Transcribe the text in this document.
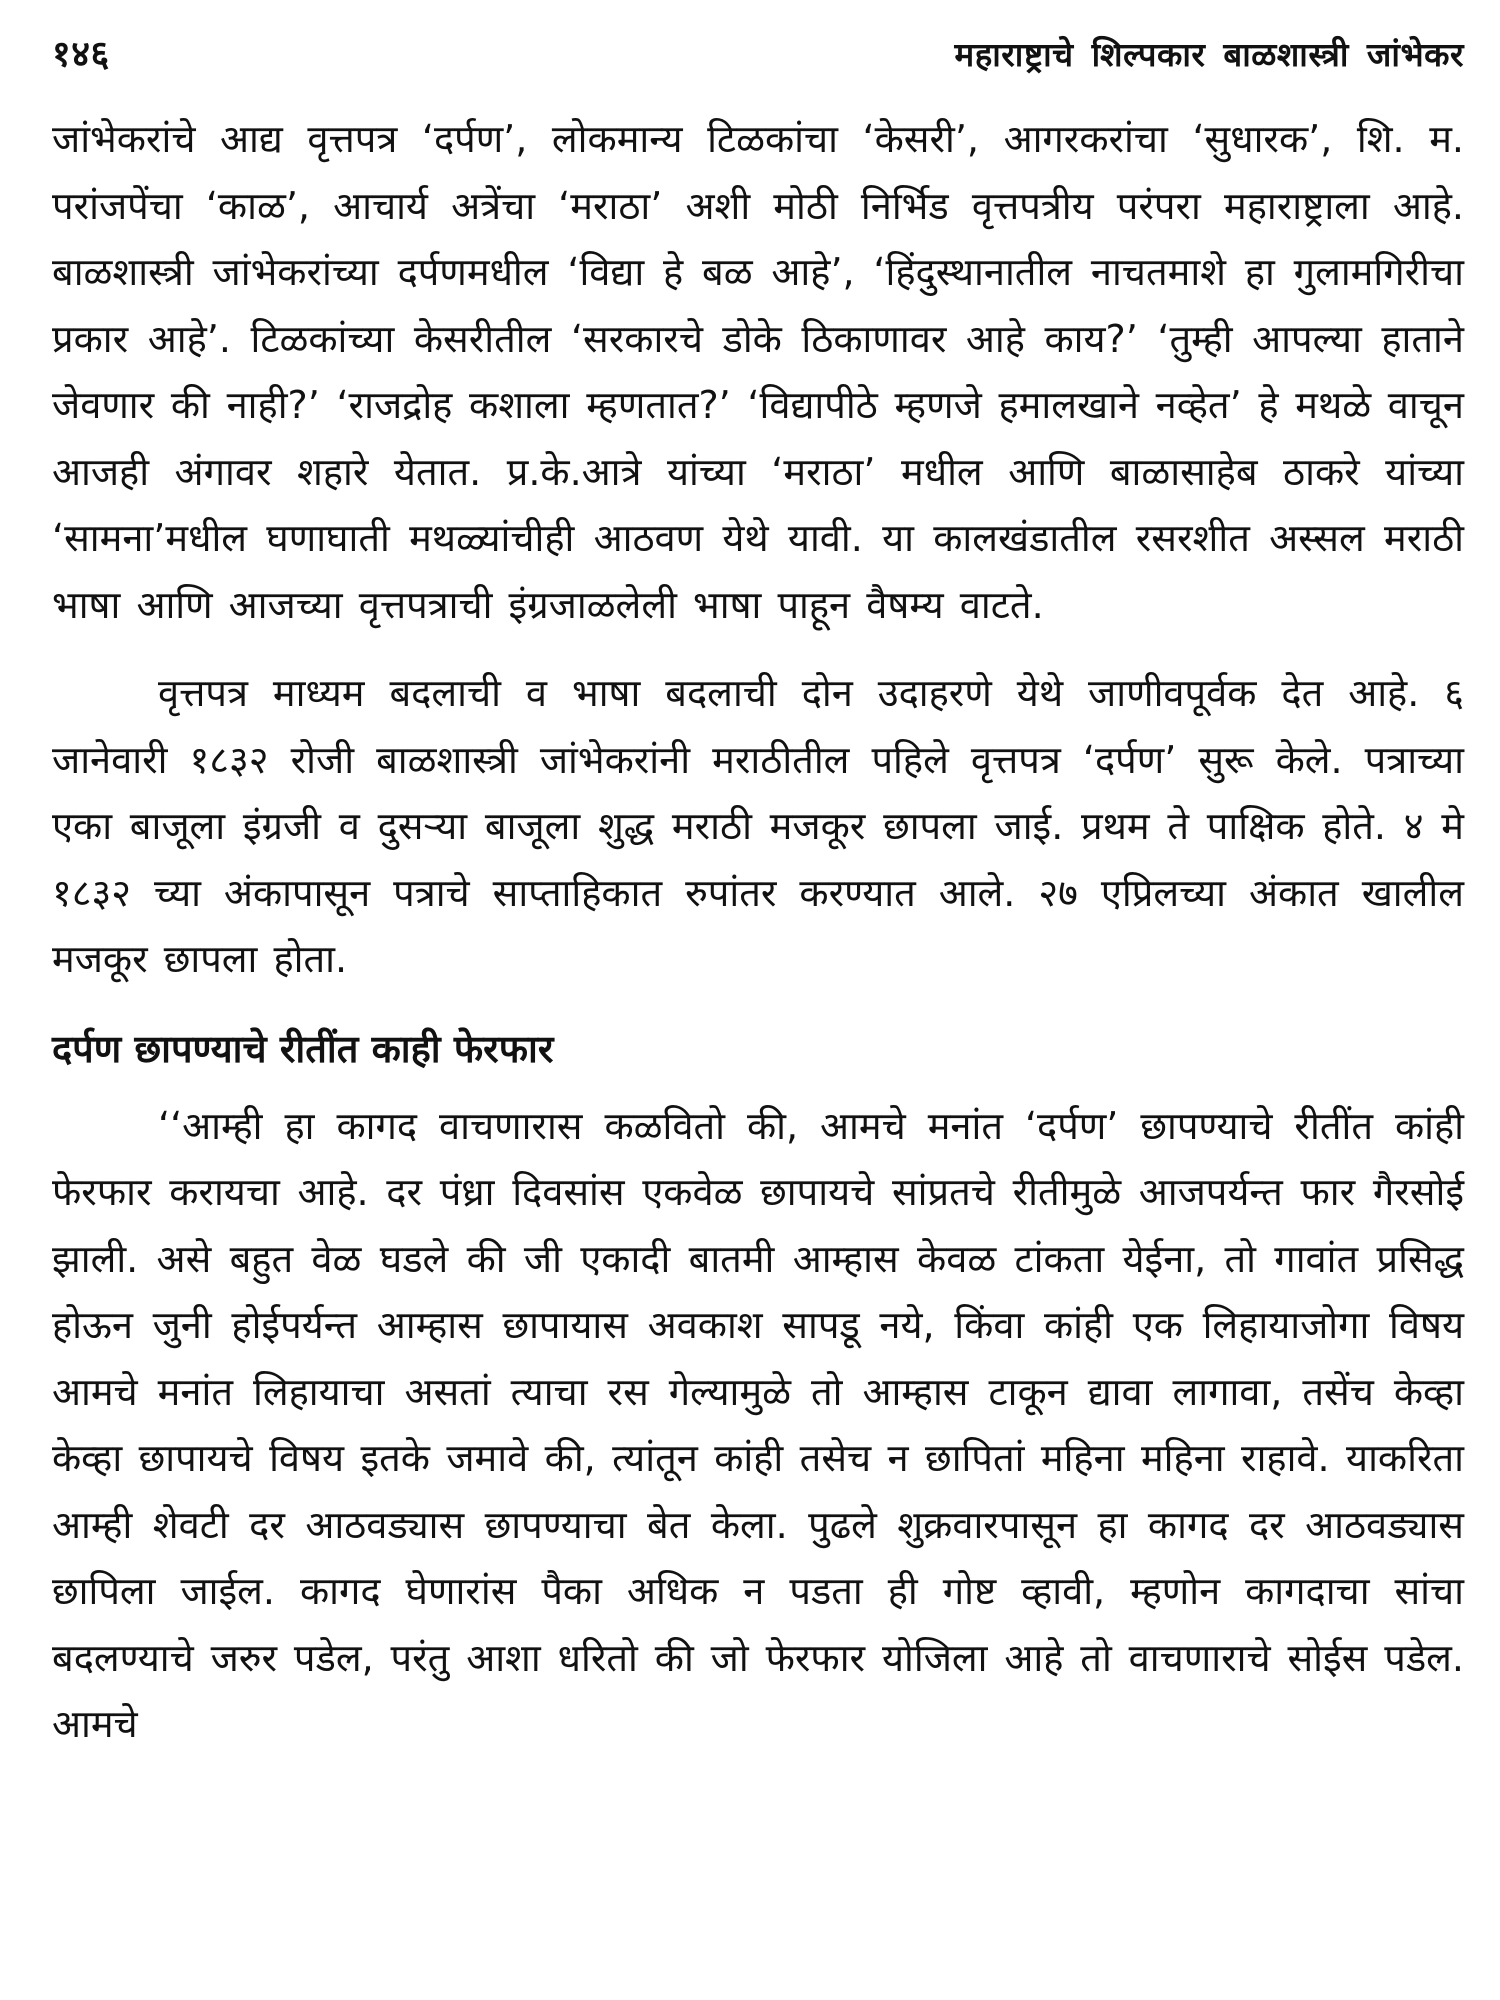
१४६	महाराष्ट्राचे शिल्पकार बाळशास्त्री जांभेकर

जांभेकरांचे आद्य वृत्तपत्र ‘दर्पण’, लोकमान्य टिळकांचा ‘केसरी’, आगरकरांचा ‘सुधारक’, शि. म. परांजपेंचा ‘काळ’, आचार्य अत्रेंचा ‘मराठा’ अशी मोठी निर्भिड वृत्तपत्रीय परंपरा महाराष्ट्राला आहे. बाळशास्त्री जांभेकरांच्या दर्पणमधील ‘विद्या हे बळ आहे’, ‘हिंदुस्थानातील नाचतमाशे हा गुलामगिरीचा प्रकार आहे’. टिळकांच्या केसरीतील ‘सरकारचे डोके ठिकाणावर आहे काय?’ ‘तुम्ही आपल्या हाताने जेवणार की नाही?’ ‘राजद्रोह कशाला म्हणतात?’ ‘विद्यापीठे म्हणजे हमालखाने नव्हेत’ हे मथळे वाचून आजही अंगावर शहारे येतात. प्र.के.आत्रे यांच्या ‘मराठा’ मधील आणि बाळासाहेब ठाकरे यांच्या ‘सामना’मधील घणाघाती मथळ्यांचीही आठवण येथे यावी. या कालखंडातील रसरशीत अस्सल मराठी भाषा आणि आजच्या वृत्तपत्राची इंग्रजाळलेली भाषा पाहून वैषम्य वाटते.

वृत्तपत्र माध्यम बदलाची व भाषा बदलाची दोन उदाहरणे येथे जाणीवपूर्वक देत आहे. ६ जानेवारी १८३२ रोजी बाळशास्त्री जांभेकरांनी मराठीतील पहिले वृत्तपत्र ‘दर्पण’ सुरू केले. पत्राच्या एका बाजूला इंग्रजी व दुसऱ्या बाजूला शुद्ध मराठी मजकूर छापला जाई. प्रथम ते पाक्षिक होते. ४ मे १८३२ च्या अंकापासून पत्राचे साप्ताहिकात रुपांतर करण्यात आले. २७ एप्रिलच्या अंकात खालील मजकूर छापला होता.

दर्पण छापण्याचे रीतींत काही फेरफार

‘‘आम्ही हा कागद वाचणारास कळवितो की, आमचे मनांत ‘दर्पण’ छापण्याचे रीतींत कांही फेरफार करायचा आहे. दर पंध्रा दिवसांस एकवेळ छापायचे सांप्रतचे रीतीमुळे आजपर्यन्त फार गैरसोई झाली. असे बहुत वेळ घडले की जी एकादी बातमी आम्हास केवळ टांकता येईना, तो गावांत प्रसिद्ध होऊन जुनी होईपर्यन्त आम्हास छापायास अवकाश सापडू नये, किंवा कांही एक लिहायाजोगा विषय आमचे मनांत लिहायाचा असतां त्याचा रस गेल्यामुळे तो आम्हास टाकून द्यावा लागावा, तसेंच केव्हा केव्हा छापायचे विषय इतके जमावे की, त्यांतून कांही तसेच न छापितां महिना महिना राहावे. याकरिता आम्ही शेवटी दर आठवड्यास छापण्याचा बेत केला. पुढले शुक्रवारपासून हा कागद दर आठवड्यास छापिला जाईल. कागद घेणारांस पैका अधिक न पडता ही गोष्ट व्हावी, म्हणोन कागदाचा सांचा बदलण्याचे जरुर पडेल, परंतु आशा धरितो की जो फेरफार योजिला आहे तो वाचणाराचे सोईस पडेल. आमचे
